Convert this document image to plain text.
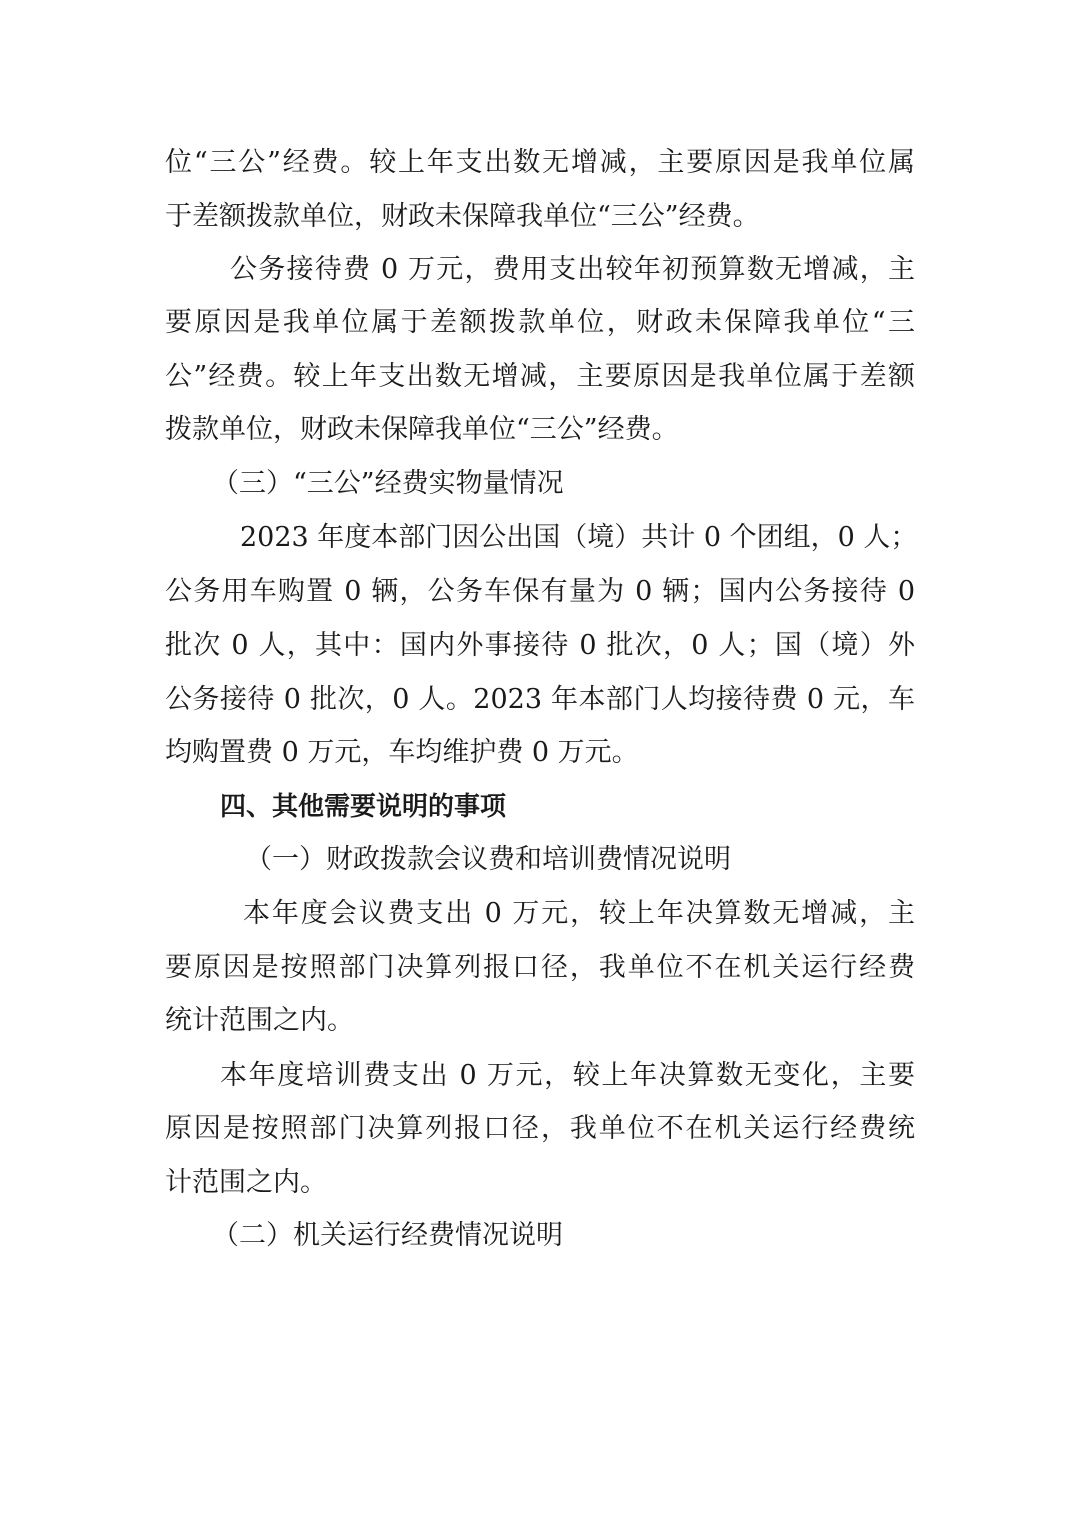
位“三公”经费。较上年支出数无增减，主要原因是我单位属
于差额拨款单位，财政未保障我单位“三公”经费。
公务接待费 0 万元，费用支出较年初预算数无增减，主
要原因是我单位属于差额拨款单位，财政未保障我单位“三
公”经费。较上年支出数无增减，主要原因是我单位属于差额
拨款单位，财政未保障我单位“三公”经费。
（三）“三公”经费实物量情况
2023 年度本部门因公出国（境）共计 0 个团组，0 人；
公务用车购置 0 辆，公务车保有量为 0 辆；国内公务接待 0
批次 0 人，其中：国内外事接待 0 批次，0 人；国（境）外
公务接待 0 批次，0 人。2023 年本部门人均接待费 0 元，车
均购置费 0 万元，车均维护费 0 万元。
四、其他需要说明的事项
（一）财政拨款会议费和培训费情况说明
本年度会议费支出 0 万元，较上年决算数无增减，主
要原因是按照部门决算列报口径，我单位不在机关运行经费
统计范围之内。
本年度培训费支出 0 万元，较上年决算数无变化，主要
原因是按照部门决算列报口径，我单位不在机关运行经费统
计范围之内。
（二）机关运行经费情况说明
